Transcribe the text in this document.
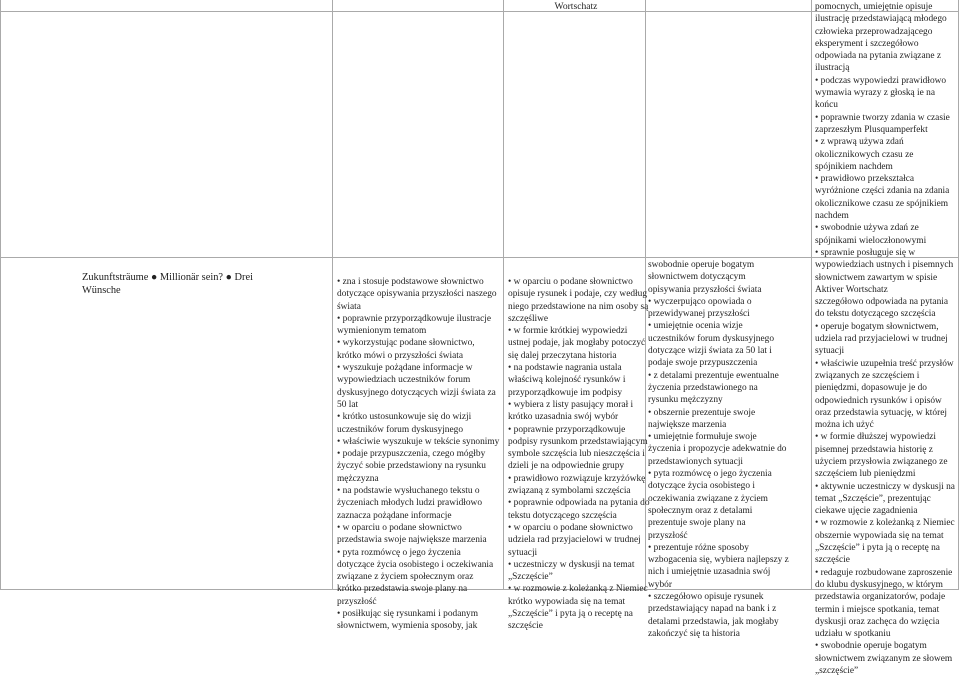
Wortschatz
Zukunftsträume ● Millionär sein? ● Drei
Wünsche
• zna i stosuje podstawowe słownictwo
dotyczące opisywania przyszłości naszego
świata
• poprawnie przyporządkowuje ilustracje
wymienionym tematom
• wykorzystując podane słownictwo,
krótko mówi o przyszłości świata
• wyszukuje pożądane informacje w
wypowiedziach uczestników forum
dyskusyjnego dotyczących wizji świata za
50 lat
• krótko ustosunkowuje się do wizji
uczestników forum dyskusyjnego
• właściwie wyszukuje w tekście synonimy
• podaje przypuszczenia, czego mógłby
życzyć sobie przedstawiony na rysunku
mężczyzna
• na podstawie wysłuchanego tekstu o
życzeniach młodych ludzi prawidłowo
zaznacza pożądane informacje
• w oparciu o podane słownictwo
przedstawia swoje największe marzenia
• pyta rozmówcę o jego życzenia
dotyczące życia osobistego i oczekiwania
związane z życiem społecznym oraz
krótko przedstawia swoje plany na
przyszłość
• posiłkując się rysunkami i podanym
słownictwem, wymienia sposoby, jak
• w oparciu o podane słownictwo
opisuje rysunek i podaje, czy według
niego przedstawione na nim osoby są
szczęśliwe
• w formie krótkiej wypowiedzi
ustnej podaje, jak mogłaby potoczyć
się dalej przeczytana historia
• na podstawie nagrania ustala
właściwą kolejność rysunków i
przyporządkowuje im podpisy
• wybiera z listy pasujący morał i
krótko uzasadnia swój wybór
• poprawnie przyporządkowuje
podpisy rysunkom przedstawiającym
symbole szczęścia lub nieszczęścia i
dzieli je na odpowiednie grupy
• prawidłowo rozwiązuje krzyżówkę
związaną z symbolami szczęścia
• poprawnie odpowiada na pytania do
tekstu dotyczącego szczęścia
• w oparciu o podane słownictwo
udziela rad przyjacielowi w trudnej
sytuacji
• uczestniczy w dyskusji na temat
„Szczęście”
• w rozmowie z koleżanką z Niemiec
krótko wypowiada się na temat
„Szczęście” i pyta ją o receptę na
szczęście
swobodnie operuje bogatym
słownictwem dotyczącym
opisywania przyszłości świata
• wyczerpująco opowiada o
przewidywanej przyszłości
• umiejętnie ocenia wizje
uczestników forum dyskusyjnego
dotyczące wizji świata za 50 lat i
podaje swoje przypuszczenia
• z detalami prezentuje ewentualne
życzenia przedstawionego na
rysunku mężczyzny
• obszernie prezentuje swoje
największe marzenia
• umiejętnie formułuje swoje
życzenia i propozycje adekwatnie do
przedstawionych sytuacji
• pyta rozmówcę o jego życzenia
dotyczące życia osobistego i
oczekiwania związane z życiem
społecznym oraz z detalami
prezentuje swoje plany na
przyszłość
• prezentuje różne sposoby
wzbogacenia się, wybiera najlepszy z
nich i umiejętnie uzasadnia swój
wybór
• szczegółowo opisuje rysunek
przedstawiający napad na bank i z
detalami przedstawia, jak mogłaby
zakończyć się ta historia
pomocnych, umiejętnie opisuje
ilustrację przedstawiającą młodego
człowieka przeprowadzającego
eksperyment i szczegółowo
odpowiada na pytania związane z
ilustracją
• podczas wypowiedzi prawidłowo
wymawia wyrazy z głoską ie na
końcu
• poprawnie tworzy zdania w czasie
zaprzeszłym Plusquamperfekt
• z wprawą używa zdań
okolicznikowych czasu ze
spójnikiem nachdem
• prawidłowo przekształca
wyróżnione części zdania na zdania
okolicznikowe czasu ze spójnikiem
nachdem
• swobodnie używa zdań ze
spójnikami wieloczłonowymi
• sprawnie posługuje się w
wypowiedziach ustnych i pisemnych
słownictwem zawartym w spisie
Aktiver Wortschatz
szczegółowo odpowiada na pytania
do tekstu dotyczącego szczęścia
• operuje bogatym słownictwem,
udziela rad przyjacielowi w trudnej
sytuacji
• właściwie uzupełnia treść przysłów
związanych ze szczęściem i
pieniędzmi, dopasowuje je do
odpowiednich rysunków i opisów
oraz przedstawia sytuację, w której
można ich użyć
• w formie dłuższej wypowiedzi
pisemnej przedstawia historię z
użyciem przysłowia związanego ze
szczęściem lub pieniędzmi
• aktywnie uczestniczy w dyskusji na
temat „Szczęście”, prezentując
ciekawe ujęcie zagadnienia
• w rozmowie z koleżanką z Niemiec
obszernie wypowiada się na temat
„Szczęście” i pyta ją o receptę na
szczęście
• redaguje rozbudowane zaproszenie
do klubu dyskusyjnego, w którym
przedstawia organizatorów, podaje
termin i miejsce spotkania, temat
dyskusji oraz zachęca do wzięcia
udziału w spotkaniu
• swobodnie operuje bogatym
słownictwem związanym ze słowem
„szczęście”
